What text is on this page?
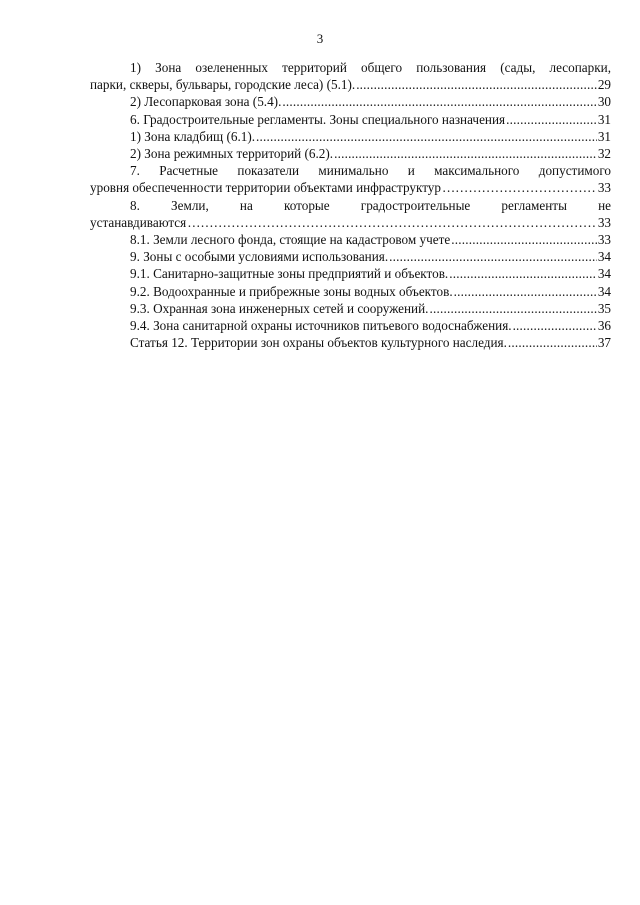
3

1) Зона озелененных территорий общего пользования (сады, лесопарки,

парки, скверы, бульвары, городские леса) (5.1). .....	29
2) Лесопарковая зона (5.4). .....	30
6. Градостроительные регламенты. Зоны специального назначения .....	31
1) Зона кладбищ (6.1). .....	31
2) Зона режимных территорий (6.2). .....	32

7. Расчетные показатели минимально и максимального допустимого

уровня обеспеченности территории объектами инфраструктур …………………………………………………………………………………………………………………………………………………………………………………………………………………	33

8. Земли, на которые градостроительные регламенты не

устанавдиваются …………………………………………………………………………………………………………………………………………………………………………………………………………………	33
8.1. Земли лесного фонда, стоящие на кадастровом учете .....	33
9. Зоны с особыми условиями использования. .....	34
9.1. Санитарно-защитные зоны предприятий и объектов. .....	34
9.2. Водоохранные и прибрежные зоны водных объектов. .....	34
9.3. Охранная зона инженерных сетей и сооружений. .....	35
9.4. Зона санитарной охраны источников питьевого водоснабжения. .....	36
Статья 12. Территории зон охраны объектов культурного наследия. .....	37
